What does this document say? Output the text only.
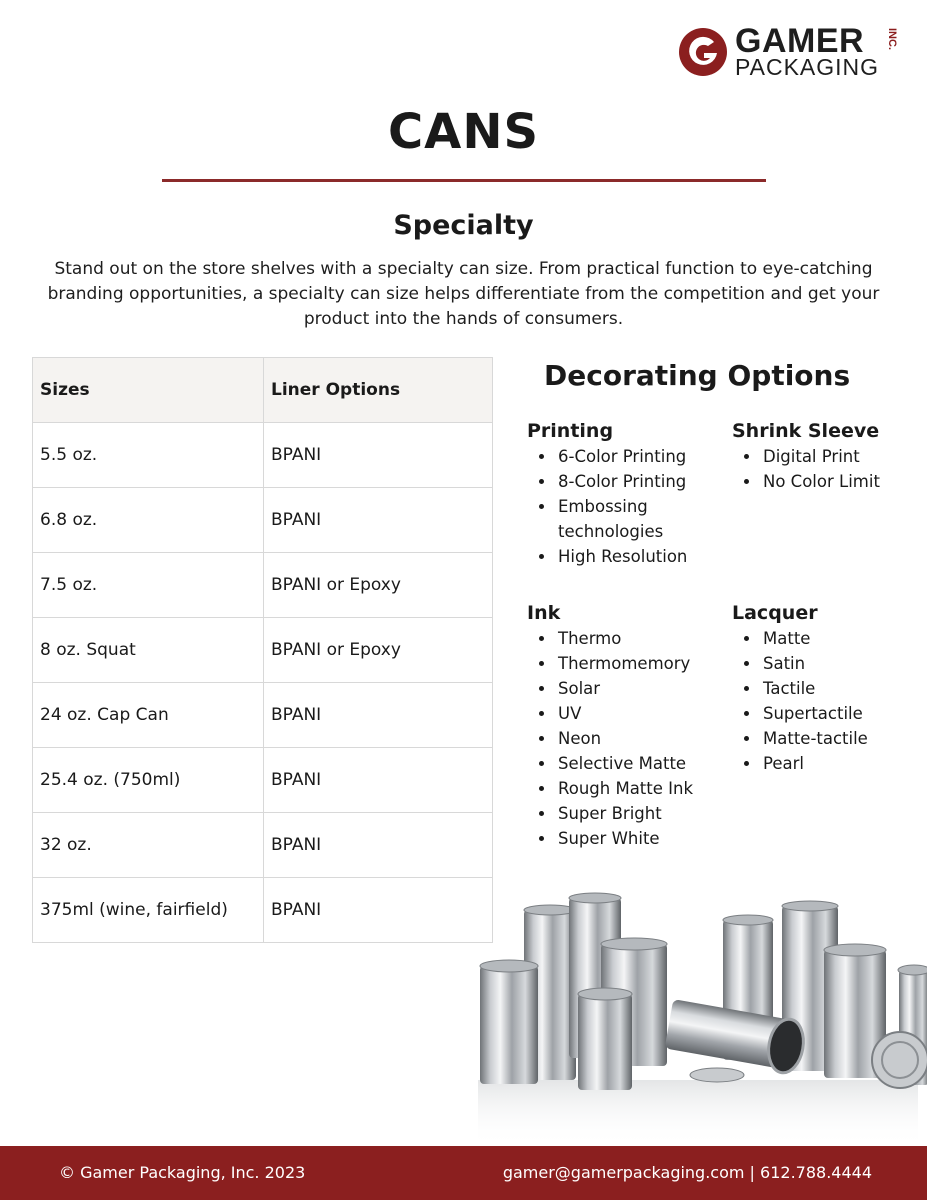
GAMER INC.
PACKAGING
CANS
Specialty

Stand out on the store shelves with a specialty can size. From practical function to eye-catching branding opportunities, a specialty can size helps differentiate from the competition and get your product into the hands of consumers.

Sizes	Liner Options
5.5 oz.	BPANI
6.8 oz.	BPANI
7.5 oz.	BPANI or Epoxy
8 oz. Squat	BPANI or Epoxy
24 oz. Cap Can	BPANI
25.4 oz. (750ml)	BPANI
32 oz.	BPANI
375ml (wine, fairfield)	BPANI
Decorating Options
Printing
6-Color Printing
8-Color Printing
Embossing technologies
High Resolution
Shrink Sleeve
Digital Print
No Color Limit
Ink
Thermo
Thermomemory
Solar
UV
Neon
Selective Matte
Rough Matte Ink
Super Bright
Super White
Lacquer
Matte
Satin
Tactile
Supertactile
Matte-tactile
Pearl
© Gamer Packaging, Inc. 2023	gamer@gamerpackaging.com | 612.788.4444
